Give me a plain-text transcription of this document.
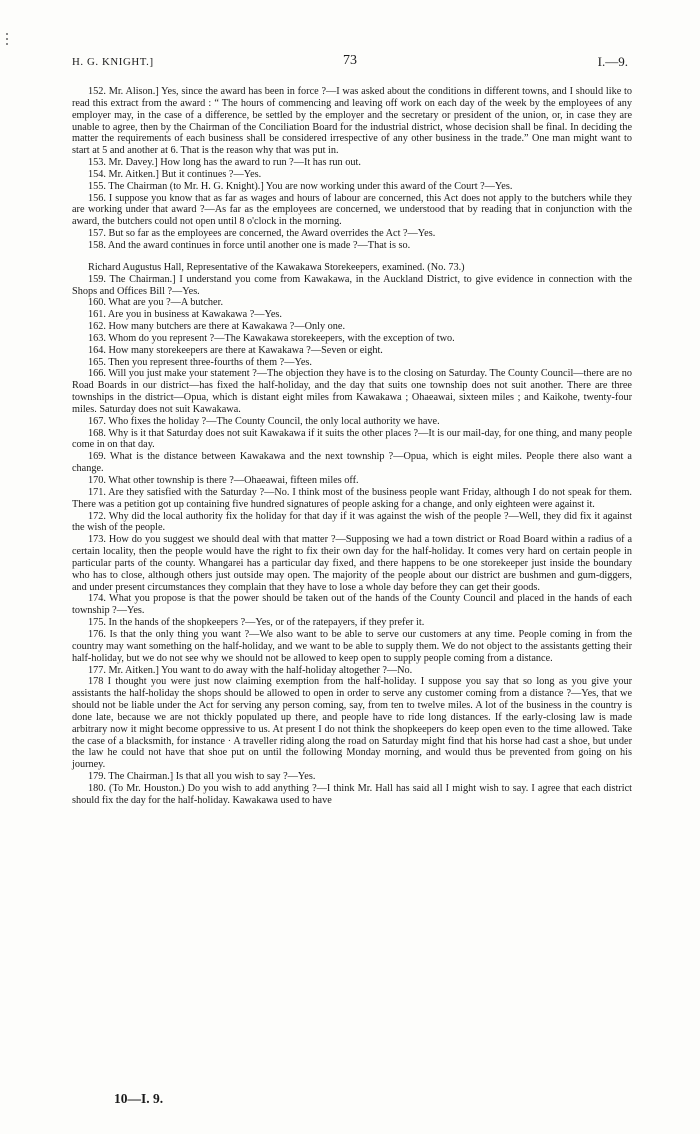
H. G. KNIGHT.]	73	I.—9.

152. Mr. Alison.] Yes, since the award has been in force ?—I was asked about the conditions in different towns, and I should like to read this extract from the award : “ The hours of commencing and leaving off work on each day of the week by the employees of any employer may, in the case of a difference, be settled by the employer and the secretary or president of the union, or, in case they are unable to agree, then by the Chairman of the Conciliation Board for the industrial district, whose decision shall be final. In deciding the matter the requirements of each business shall be considered irrespective of any other business in the trade.” One man might want to start at 5 and another at 6. That is the reason why that was put in.

153. Mr. Davey.] How long has the award to run ?—It has run out.

154. Mr. Aitken.] But it continues ?—Yes.

155. The Chairman (to Mr. H. G. Knight).] You are now working under this award of the Court ?—Yes.

156. I suppose you know that as far as wages and hours of labour are concerned, this Act does not apply to the butchers while they are working under that award ?—As far as the employees are concerned, we understood that by reading that in conjunction with the award, the butchers could not open until 8 o'clock in the morning.

157. But so far as the employees are concerned, the Award overrides the Act ?—Yes.

158. And the award continues in force until another one is made ?—That is so.

Richard Augustus Hall, Representative of the Kawakawa Storekeepers, examined. (No. 73.)

159. The Chairman.] I understand you come from Kawakawa, in the Auckland District, to give evidence in connection with the Shops and Offices Bill ?—Yes.

160. What are you ?—A butcher.

161. Are you in business at Kawakawa ?—Yes.

162. How many butchers are there at Kawakawa ?—Only one.

163. Whom do you represent ?—The Kawakawa storekeepers, with the exception of two.

164. How many storekeepers are there at Kawakawa ?—Seven or eight.

165. Then you represent three-fourths of them ?—Yes.

166. Will you just make your statement ?—The objection they have is to the closing on Saturday. The County Council—there are no Road Boards in our district—has fixed the half-holiday, and the day that suits one township does not suit another. There are three townships in the district—Opua, which is distant eight miles from Kawakawa ; Ohaeawai, sixteen miles ; and Kaikohe, twenty-four miles. Saturday does not suit Kawakawa.

167. Who fixes the holiday ?—The County Council, the only local authority we have.

168. Why is it that Saturday does not suit Kawakawa if it suits the other places ?—It is our mail-day, for one thing, and many people come in on that day.

169. What is the distance between Kawakawa and the next township ?—Opua, which is eight miles. People there also want a change.

170. What other township is there ?—Ohaeawai, fifteen miles off.

171. Are they satisfied with the Saturday ?—No. I think most of the business people want Friday, although I do not speak for them. There was a petition got up containing five hundred signatures of people asking for a change, and only eighteen were against it.

172. Why did the local authority fix the holiday for that day if it was against the wish of the people ?—Well, they did fix it against the wish of the people.

173. How do you suggest we should deal with that matter ?—Supposing we had a town district or Road Board within a radius of a certain locality, then the people would have the right to fix their own day for the half-holiday. It comes very hard on certain people in particular parts of the county. Whangarei has a particular day fixed, and there happens to be one storekeeper just inside the boundary who has to close, although others just outside may open. The majority of the people about our district are bushmen and gum-diggers, and under present circumstances they complain that they have to lose a whole day before they can get their goods.

174. What you propose is that the power should be taken out of the hands of the County Council and placed in the hands of each township ?—Yes.

175. In the hands of the shopkeepers ?—Yes, or of the ratepayers, if they prefer it.

176. Is that the only thing you want ?—We also want to be able to serve our customers at any time. People coming in from the country may want something on the half-holiday, and we want to be able to supply them. We do not object to the assistants getting their half-holiday, but we do not see why we should not be allowed to keep open to supply people coming from a distance.

177. Mr. Aitken.] You want to do away with the half-holiday altogether ?—No.

178 I thought you were just now claiming exemption from the half-holiday. I suppose you say that so long as you give your assistants the half-holiday the shops should be allowed to open in order to serve any customer coming from a distance ?—Yes, that we should not be liable under the Act for serving any person coming, say, from ten to twelve miles. A lot of the business in the country is done late, because we are not thickly populated up there, and people have to ride long distances. If the early-closing law is made arbitrary now it might become oppressive to us. At present I do not think the shopkeepers do keep open even to the time allowed. Take the case of a blacksmith, for instance · A traveller riding along the road on Saturday might find that his horse had cast a shoe, but under the law he could not have that shoe put on until the following Monday morning, and would thus be prevented from going on his journey.

179. The Chairman.] Is that all you wish to say ?—Yes.

180. (To Mr. Houston.) Do you wish to add anything ?—I think Mr. Hall has said all I might wish to say. I agree that each district should fix the day for the half-holiday. Kawakawa used to have

10—I. 9.
